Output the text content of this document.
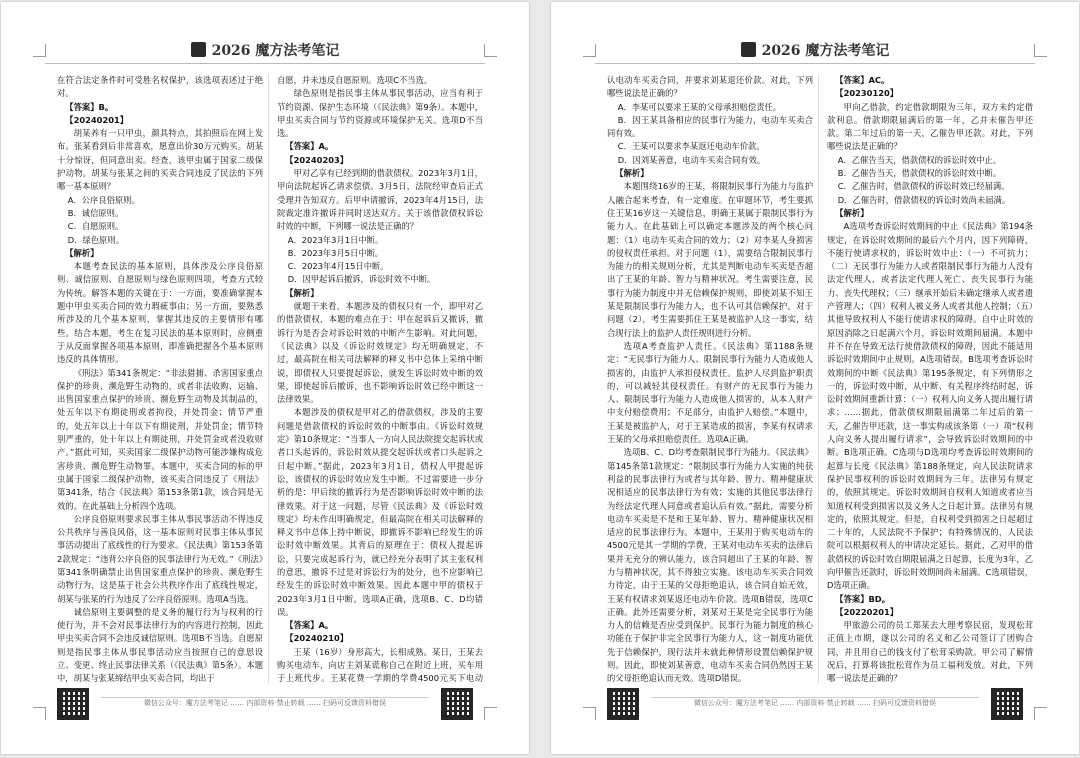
2026 魔方法考笔记

在符合法定条件时可受胜名权保护，该选项表述过于绝对。

【答案】B。

【20240201】

胡某养有一只甲虫，颜具特点，其拍照后在网上发布。张某看到后非常喜欢，愿意出价30万元购买。胡某十分惊讶，但同意出卖。经查，该甲虫属于国家二级保护动物。胡某与张某之间的买卖合同违反了民法的下列哪一基本原则？

A．公序良俗原则。

B．诚信原则。

C．自愿原则。

D．绿色原则。

【解析】

本题考查民法的基本原则，具体涉及公序良俗原则、诚信原则、自愿原则与绿色原则四项，考查方式较为传统。解答本题的关键在于：一方面，要准确掌握本题中甲虫买卖合同的效力瑕疵事由；另一方面，要熟悉所涉及的几个基本原则，掌握其违反的主要情形有哪些。结合本题，考生在复习民法的基本原则时，应侧重于从反面掌握各项基本原则，即准确把握各个基本原则违反的具体情形。

《刑法》第341条规定：“非法猎捕、杀害国家重点保护的珍贵、濒危野生动物的，或者非法收购、运输、出售国家重点保护的珍贵、濒危野生动物及其制品的，处五年以下有期徒刑或者拘役，并处罚金；情节严重的，处五年以上十年以下有期徒刑，并处罚金；情节特别严重的，处十年以上有期徒刑，并处罚金或者没收财产。”据此可知，买卖国家二级保护动物可能涉嫌构成危害珍贵、濒危野生动物罪。本题中，买卖合同的标的甲虫属于国家二级保护动物，该买卖合同违反了《刑法》第341条，结合《民法典》第153条第1款，该合同是无效的。在此基础上分析四个选项。

公序良俗原则要求民事主体从事民事活动不得违反公共秩序与善良风俗，这一基本原则对民事主体从事民事活动提出了底线性的行为要求。《民法典》第153条第2款规定：“违背公序良俗的民事法律行为无效。”《刑法》第341条明确禁止出售国家重点保护的珍贵、濒危野生动物行为，这是基于社会公共秩序作出了底线性规定，胡某与张某的行为违反了公序良俗原则。选项A当选。

诚信原则主要调整的是义务的履行行为与权利的行使行为，并不会对民事法律行为的内容进行控制，因此甲虫买卖合同不会违反诚信原则。选项B不当选。自愿原则是指民事主体从事民事活动应当按照自己的意思设立、变更、终止民事法律关系（《民法典》第5条）。本题中，胡某与张某缔结甲虫买卖合同，均出于

自愿，并未违反自愿原则。选项C不当选。

绿色原则是指民事主体从事民事活动，应当有利于节约资源、保护生态环境（《民法典》第9条）。本题中，甲虫买卖合同与节约资源或环境保护无关。选项D不当选。

【答案】A。

【20240203】

甲对乙享有已经到期的借款债权。2023年3月1日，甲向法院起诉乙请求偿债。3月5日，法院经审查后正式受理并告知双方。后甲申请撤诉，2023年4月15日，法院裁定准许撤诉并同时送达双方。关于该借款债权诉讼时效的中断，下列哪一说法是正确的？

A．2023年3月1日中断。

B．2023年3月5日中断。

C．2023年4月15日中断。

D．因甲起诉后撤诉，诉讼时效不中断。

【解析】

就题干来看，本题涉及的债权只有一个，即甲对乙的借款债权，本题的难点在于：甲在起诉后又撤诉，撤诉行为是否会对诉讼时效的中断产生影响。对此问题，《民法典》以及《诉讼时效规定》均无明确规定，不过，最高院在相关司法解释的释义书中总体上采纳中断说，即债权人只要提起诉讼，就发生诉讼时效中断的效果，即使起诉后撤诉，也不影响诉讼时效已经中断这一法律效果。

本题涉及的债权是甲对乙的借款债权，涉及的主要问题是借款债权的诉讼时效的中断事由。《诉讼时效规定》第10条规定：“当事人一方向人民法院提交起诉状或者口头起诉的，诉讼时效从提交起诉状或者口头起诉之日起中断。”据此，2023年3月1日，债权人甲提起诉讼，该债权的诉讼时效应发生中断。不过需要进一步分析的是：甲后续的撤诉行为是否影响诉讼时效中断的法律效果。对于这一问题，尽管《民法典》及《诉讼时效规定》均未作出明确规定，但最高院在相关司法解释的释义书中总体上持中断说，即撤诉不影响已经发生的诉讼时效中断效果。其背后的原理在于：债权人提起诉讼，只要完成起诉行为，就已经充分表明了其主张权利的意思，撤诉不过是对诉讼行为的处分，也不应影响已经发生的诉讼时效中断效果。因此本题中甲的债权于2023年3月1日中断。选项A正确，选项B、C、D均错误。

【答案】A。

【20240210】

王某（16岁）身形高大，长相成熟。某日，王某去购买电动车，向店主刘某谎称自己在附近上班，买车用于上班代步。王某花费一学期的学费4500元买下电动

微信公众号：魔方法考笔记 …… 内部资料·禁止转载 …… 扫码可反馈资料错误
2026 魔方法考笔记

认电动车买卖合同，并要求刘某退还价款。对此，下列哪些说法是正确的？

A．李某可以要求王某的父母承担赔偿责任。

B．因王某具备相应的民事行为能力，电动车买卖合同有效。

C．王某可以要求李某返还电动车价款。

D．因刘某善意，电动车买卖合同有效。

【解析】

本题围绕16岁的王某，将限制民事行为能力与监护人融合起来考查，有一定难度。在审题环节，考生要抓住王某16岁这一关键信息，明确王某属于限制民事行为能力人。在此基础上可以确定本题涉及的两个核心问题：（1）电动车买卖合同的效力；（2）对李某人身损害的侵权责任承担。对于问题（1），需要结合限制民事行为能力的相关规则分析，尤其是判断电动车买卖是否超出了王某的年龄、智力与精神状况。考生需要注意，民事行为能力制度中并无信赖保护规则，即使刘某不知王某是限制民事行为能力人，也不认可其信赖保护。对于问题（2），考生需要抓住王某是被监护人这一事实，结合现行法上的监护人责任规则进行分析。

选项A考查监护人责任。《民法典》第1188条规定：“无民事行为能力人、限制民事行为能力人造成他人损害的，由监护人承担侵权责任。监护人尽到监护职责的，可以减轻其侵权责任。有财产的无民事行为能力人、限制民事行为能力人造成他人损害的，从本人财产中支付赔偿费用；不足部分，由监护人赔偿。”本题中，王某是被监护人，对于王某造成的损害，李某有权请求王某的父母承担赔偿责任。选项A正确。

选项B、C、D均考查限制民事行为能力。《民法典》第145条第1款规定：“限制民事行为能力人实施的纯获利益的民事法律行为或者与其年龄、智力、精神健康状况相适应的民事法律行为有效；实施的其他民事法律行为经法定代理人同意或者追认后有效。”据此，需要分析电动车买卖是不是和王某年龄、智力、精神健康状况相适应的民事法律行为。本题中，王某用于购买电动车的4500元是其一学期的学费，王某对电动车买卖的法律后果并无充分的辨认能力，该合同超出了王某的年龄、智力与精神状况，其不得独立实施。该电动车买卖合同效力待定，由于王某的父母拒绝追认，该合同自始无效，王某有权请求刘某返还电动车价款。选项B错误，选项C正确。此外还需要分析，刘某对王某是完全民事行为能力人的信赖是否应受到保护。民事行为能力制度的核心功能在于保护非完全民事行为能力人，这一制度功能优先于信赖保护，现行法并未就此种情形设置信赖保护规则。因此，即使刘某善意，电动车买卖合同仍然因王某的父母拒绝追认而无效。选项D错误。

【答案】AC。

【20230120】

甲向乙借款，约定借款期限为三年，双方未约定借款利息。借款期限届满后的第一年，乙并未催告甲还款。第二年过后的第一天，乙催告甲还款。对此，下列哪些说法是正确的？

A．乙催告当天，借款债权的诉讼时效中止。

B．乙催告当天，借款债权的诉讼时效中断。

C．乙催告时，借款债权的诉讼时效已经届满。

D．乙催告时，借款债权的诉讼时效尚未届满。

【解析】

A选项考查诉讼时效期间的中止《民法典》第194条规定，在诉讼时效期间的最后六个月内，因下列障碍，不能行使请求权的，诉讼时效中止：（一）不可抗力；（二）无民事行为能力人或者限制民事行为能力人没有法定代理人，或者法定代理人死亡、丧失民事行为能力、丧失代理权；（三）继承开始后未确定继承人或者遗产管理人；（四）权利人被义务人或者其他人控制；（五）其他导致权利人不能行使请求权的障碍。自中止时效的原因消除之日起满六个月，诉讼时效期间届满。本题中并不存在导致无法行使借款债权的障碍，因此不能适用诉讼时效期间中止规则。A选项错误。B选项考查诉讼时效期间的中断《民法典》第195条规定，有下列情形之一的，诉讼时效中断，从中断、有关程序终结时起，诉讼时效期间重新计算：（一）权利人向义务人提出履行请求；……据此，借款债权期限届满第二年过后的第一天，乙催告甲还款，这一事实构成该条第（一）项“权利人向义务人提出履行请求”，会导致诉讼时效期间的中断。B选项正确。C选项与D选项均考查诉讼时效期间的起算与长度《民法典》第188条规定，向人民法院请求保护民事权利的诉讼时效期间为三年。法律另有规定的，依照其规定。诉讼时效期间自权利人知道或者应当知道权利受到损害以及义务人之日起计算。法律另有规定的，依照其规定。但是，自权利受到损害之日起超过二十年的，人民法院不予保护；有特殊情况的，人民法院可以根据权利人的申请决定延长。据此，乙对甲的借款债权的诉讼时效自期限届满之日起算，长度为3年，乙向甲催告还款时，诉讼时效期间尚未届满。C选项错误，D选项正确。

【答案】BD。

【20220201】

甲旅游公司的员工郑某去大理考察民宿，发现松茸正值上市期，遂以公司的名义和乙公司签订了团购合同，并且用自己的钱支付了松茸采购款。甲公司了解情况后，打算将该批松茸作为员工福利发放。对此，下列哪一说法是正确的？

微信公众号：魔方法考笔记 …… 内部资料·禁止转载 …… 扫码可反馈资料错误
